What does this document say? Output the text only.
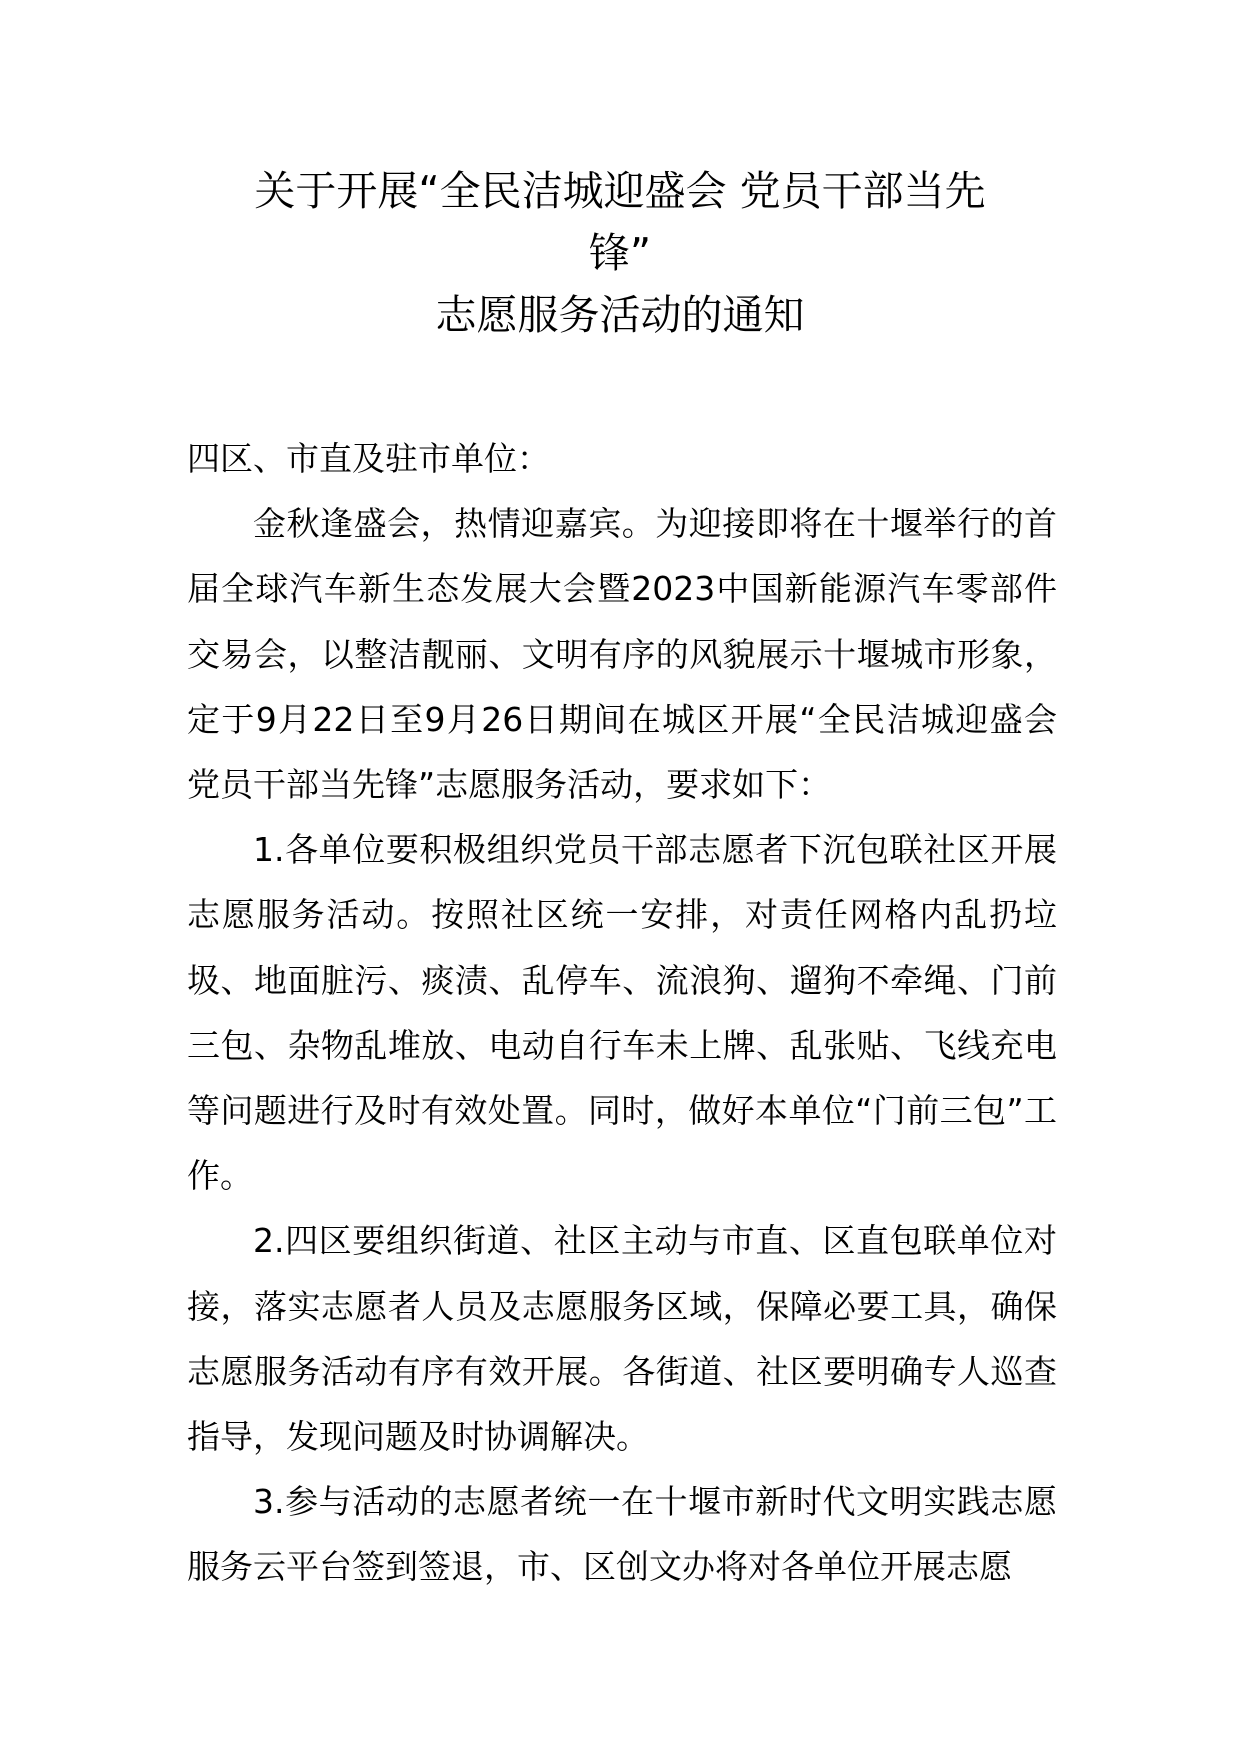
关于开展“全民洁城迎盛会 党员干部当先
锋”
志愿服务活动的通知

四区、市直及驻市单位：

金秋逢盛会，热情迎嘉宾。为迎接即将在十堰举行的首届全球汽车新生态发展大会暨2023中国新能源汽车零部件交易会，以整洁靓丽、文明有序的风貌展示十堰城市形象，定于9月22日至9月26日期间在城区开展“全民洁城迎盛会 党员干部当先锋”志愿服务活动，要求如下：

1.各单位要积极组织党员干部志愿者下沉包联社区开展志愿服务活动。按照社区统一安排，对责任网格内乱扔垃圾、地面脏污、痰渍、乱停车、流浪狗、遛狗不牵绳、门前三包、杂物乱堆放、电动自行车未上牌、乱张贴、飞线充电等问题进行及时有效处置。同时，做好本单位“门前三包”工作。

2.四区要组织街道、社区主动与市直、区直包联单位对接，落实志愿者人员及志愿服务区域，保障必要工具，确保志愿服务活动有序有效开展。各街道、社区要明确专人巡查指导，发现问题及时协调解决。

3.参与活动的志愿者统一在十堰市新时代文明实践志愿服务云平台签到签退，市、区创文办将对各单位开展志愿
